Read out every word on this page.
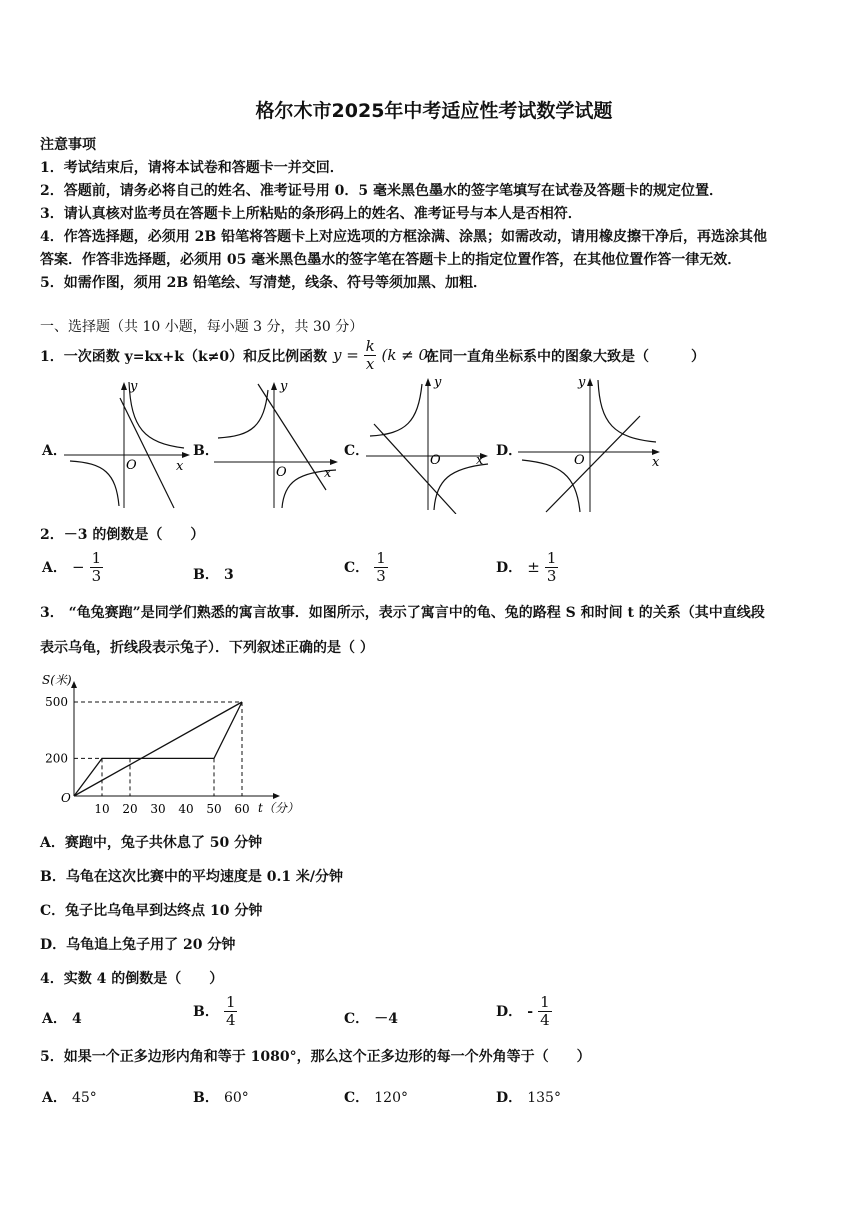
格尔木市2025年中考适应性考试数学试题
注意事项
1．考试结束后，请将本试卷和答题卡一并交回．
2．答题前，请务必将自己的姓名、准考证号用 0．5 毫米黑色墨水的签字笔填写在试卷及答题卡的规定位置．
3．请认真核对监考员在答题卡上所粘贴的条形码上的姓名、准考证号与本人是否相符．
4．作答选择题，必须用 2B 铅笔将答题卡上对应选项的方框涂满、涂黑；如需改动，请用橡皮擦干净后，再选涂其他
答案．作答非选择题，必须用 05 毫米黑色墨水的签字笔在答题卡上的指定位置作答，在其他位置作答一律无效．
5．如需作图，须用 2B 铅笔绘、写清楚，线条、符号等须加黑、加粗．
一、选择题（共 10 小题，每小题 3 分，共 30 分）
1．一次函数 y=kx+k（k≠0）和反比例函数 $y = \frac{k}{x} (k \ne 0)$
在同一直角坐标系中的图象大致是（　　　）
A．	B．	C．	D．
y
x
O
y
x
O
y
x
O
y
x
O
2．－3 的倒数是（　　）
A． − $\frac{1}{3}$	B． 3	C． $\frac{1}{3}$	D． ± $\frac{1}{3}$
3． “龟兔赛跑”是同学们熟悉的寓言故事．如图所示，表示了寓言中的龟、兔的路程 S 和时间 t 的关系（其中直线段
表示乌龟，折线段表示兔子）．下列叙述正确的是（ ）
S(米)
t（分）
O
10 20 30 40 50 60
200
500
A．赛跑中，兔子共休息了 50 分钟
B．乌龟在这次比赛中的平均速度是 0.1 米/分钟
C．兔子比乌龟早到达终点 10 分钟
D．乌龟追上兔子用了 20 分钟
4．实数 4 的倒数是（　　）
A． 4	B． $\frac{1}{4}$	C． －4	D． - $\frac{1}{4}$
5．如果一个正多边形内角和等于 1080°，那么这个正多边形的每一个外角等于（　　）
A． 45°	B． 60°	C． 120°	D． 135°
